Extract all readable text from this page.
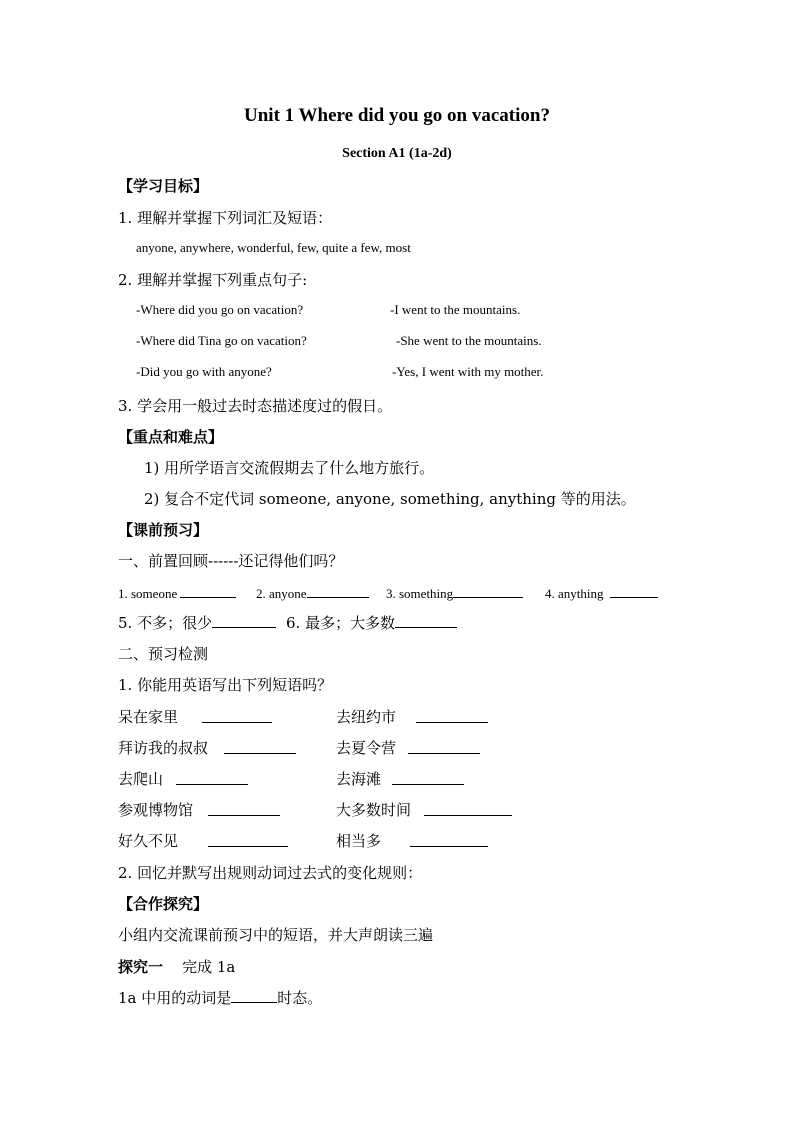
Unit 1 Where did you go on vacation?
Section A1 (1a-2d)
【学习目标】
1. 理解并掌握下列词汇及短语：
anyone, anywhere, wonderful, few, quite a few, most
2. 理解并掌握下列重点句子:
-Where did you go on vacation?	-I went to the mountains.
-Where did Tina go on vacation?	-She went to the mountains.
-Did you go with anyone?	-Yes, I went with my mother.
3. 学会用一般过去时态描述度过的假日。
【重点和难点】
1) 用所学语言交流假期去了什么地方旅行。
2) 复合不定代词 someone, anyone, something, anything 等的用法。
【课前预习】
一、前置回顾------还记得他们吗？
1. someone	2. anyone	3. something	4. anything
5. 不多；很少	6. 最多；大多数
二、预习检测
1. 你能用英语写出下列短语吗？
呆在家里	去纽约市
拜访我的叔叔	去夏令营
去爬山	去海滩
参观博物馆	大多数时间
好久不见	相当多
2. 回忆并默写出规则动词过去式的变化规则：
【合作探究】
小组内交流课前预习中的短语，并大声朗读三遍
探究一 完成 1a
1a 中用的动词是	时态。
